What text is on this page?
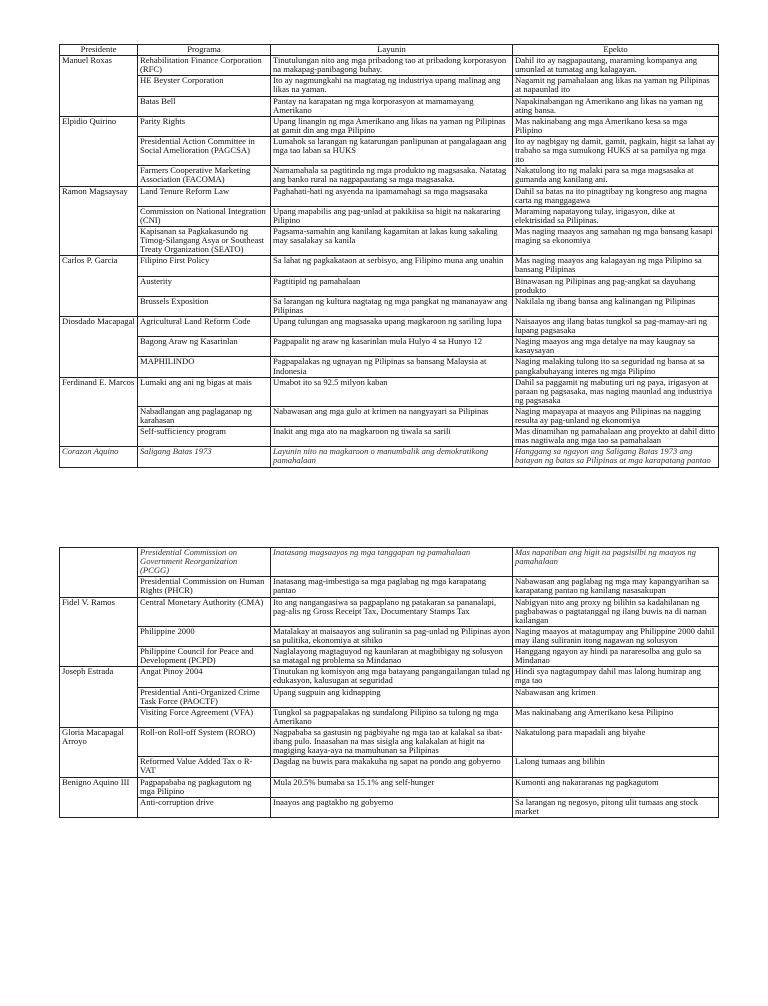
Presidente	Programa	Layunin	Epekto
Manuel Roxas	Rehabilitation Finance Corporation (RFC)	Tinutulungan nito ang mga pribadong tao at pribadong korporasyon na makapag-panibagong buhay.	Dahil ito ay nagpapautang, maraming kompanya ang umunlad at tumatag ang kalagayan.
	HE Beyster Corporation	Ito ay nagmungkahi na magtatag ng industriya upang malinag ang likas na yaman.	Nagamit ng pamahalaan ang likas na yaman ng Pilipinas at napaunlad ito
	Batas Bell	Pantay na karapatan ng mga korporasyon at mamamayang Amerikano	Napakinabangan ng Amerikano ang likas na yaman ng ating bansa.
Elpidio Quirino	Parity Rights	Upang linangin ng mga Amerikano ang likas na yaman ng Pilipinas at gamit din ang mga Pilipino	Mas nakinabang ang mga Amerikano kesa sa mga Pilipino
	Presidential Action Committee in Social Amelioration (PAGCSA)	Lumahok sa larangan ng katarungan panlipunan at pangalagaan ang mga tao laban sa HUKS	Ito ay nagbigay ng damit, gamit, pagkain, higit sa lahat ay trabaho sa mga sumukong HUKS at sa pamilya ng mga ito
	Farmers Cooperative Marketing Association (FACOMA)	Namamahala sa pagtitinda ng mga produkto ng magsasaka. Natatag ang banko rural na nagpapautang sa mga magsasaka.	Nakatulong ito ng malaki para sa mga magsasaka at gumanda ang kanilang ani.
Ramon Magsaysay	Land Tenure Reform Law	Paghahati-hati ng asyenda na ipamamahagi sa mga magsasaka	Dahil sa batas na ito pinagtibay ng kongreso ang magna carta ng manggagawa
	Commission on National Integration (CNI)	Upang mapabilis ang pag-unlad at pakikiisa sa higit na nakararing Pilipino	Maraming napatayong tulay, irigasyon, dike at elektrisidad sa Pilipinas.
	Kapisanan sa Pagkakasundo ng Timog-Silangang Asya or Southeast Treaty Organization (SEATO)	Pagsama-samahin ang kanilang kagamitan at lakas kung sakaling may sasalakay sa kanila	Mas naging maayos ang samahan ng mga bansang kasapi maging sa ekonomiya
Carlos P. Garcia	Filipino First Policy	Sa lahat ng pagkakataon at serbisyo, ang Filipino muna ang unahin	Mas naging maayos ang kalagayan ng mga Pilipino sa bansang Pilipinas
	Austerity	Pagtitipid ng pamahalaan	Binawasan ng Pilipinas ang pag-angkat sa dayuhang produkto
	Brussels Exposition	Sa larangan ng kultura nagtatag ng mga pangkat ng mananayaw ang Pilipinas	Nakilala ng ibang bansa ang kalinangan ng Pilipinas
Diosdado Macapagal	Agricultural Land Reform Code	Upang tulungan ang magsasaka upang magkaroon ng sariling lupa	Naisaayos ang ilang batas tungkol sa pag-mamay-ari ng lupang pagsasaka
	Bagong Araw ng Kasarinlan	Pagpapalit ng araw ng kasarinlan mula Hulyo 4 sa Hunyo 12	Naging maayos ang mga detalye na may kaugnay sa kasaysayan
	MAPHILINDO	Pagpapalakas ng ugnayan ng Pilipinas sa bansang Malaysia at Indonesia	Naging malaking tulong ito sa seguridad ng bansa at sa pangkabuhayang interes ng mga Pilipino
Ferdinand E. Marcos	Lumaki ang ani ng bigas at mais	Umabot ito sa 92.5 milyon kaban	Dahil sa paggamit ng mabuting uri ng paya, irigasyon at paraan ng pagsasaka, mas naging maunlad ang industriya ng pagsasaka
	Nabadlangan ang paglaganap ng karahasan	Nabawasan ang mga gulo at krimen na nangyayari sa Pilipinas	Naging mapayapa at maayos ang Pilipinas na nagging resulta ay pag-unland ng ekonomiya
	Self-sufficiency program	Inakit ang mga ato na magkaroon ng tiwala sa sarili	Mas dinamihan ng pamahalaan ang proyekto at dahil ditto mas nagtiwala ang mga tao sa pamahalaan
Corazon Aquino	Saligang Batas 1973	Layunin nito na magkaroon o manumbalik ang demokratikong pamahalaan	Hanggang sa ngayon ang Saligang Batas 1973 ang batayan ng batas sa Pilipinas at mga karapatang pantao
	Presidential Commission on Government Reorganization (PCGG)	Inatasang magsaayos ng mga tanggapan ng pamahalaan	Mas napatiban ang higit na pagsisilbi ng maayos ng pamahalaan
	Presidential Commission on Human Rights (PHCR)	Inatasang mag-imbestiga sa mga paglabag ng mga karapatang pantao	Nabawasan ang paglabag ng mga may kapangyarihan sa karapatang pantao ng kanilang nasasakupan
Fidel V. Ramos	Central Monetary Authority (CMA)	Ito ang nangangasiwa sa pagpaplano ng patakaran sa pananalapi, pag-alis ng Gross Receipt Tax, Documentary Stamps Tax	Nabigyan nito ang proxy ng bilihin sa kadahilanan ng pagbabawas o pagtatanggal ng ilang buwis na di naman kailangan
	Philippine 2000	Matalakay at maisaayos ang suliranin sa pag-unlad ng Pilipinas ayon sa pulitika, ekonomiya at sibiko	Naging maayos at matagumpay ang Philippine 2000 dahil may ilang suliranin itong nagawan ng solusyon
	Philippine Council for Peace and Development (PCPD)	Naglalayong magtaguyod ng kaunlaran at magbibigay ng solusyon sa matagal ng problema sa Mindanao	Hanggang ngayon ay hindi pa nararesolba ang gulo sa Mindanao
Joseph Estrada	Angat Pinoy 2004	Tinutukan ng komisyon ang mga batayang pangangailangan tulad ng edukasyon, kalusugan at seguridad	Hindi sya nagtagumpay dahil mas lalong humirap ang mga tao
	Presidential Anti-Organized Crime Task Force (PAOCTF)	Upang sugpuin ang kidnapping	Nabawasan ang krimen
	Visiting Force Agreement (VFA)	Tungkol sa pagpapalakas ng sundalong Pilipino sa tulong ng mga Amerikano	Mas nakinabang ang Amerikano kesa Pilipino
Gloria Macapagal Arroyo	Roll-on Roll-off System (RORO)	Nagpababa sa gastusin ng pagbiyahe ng mga tao at kalakal sa ibat-ibang pulo. Inaasahan na mas sisigla ang kalakalan at higit na magiging kaaya-aya na mamuhunan sa Pilipinas	Nakatulong para mapadali ang biyahe
	Reformed Value Added Tax o R-VAT	Dagdag na buwis para makakuha ng sapat na pondo ang gobyerno	Lalong tumaas ang bilihin
Benigno Aquino III	Pagpapababa ng pagkagutom ng mga Pilipino	Mula 20.5% bumaba sa 15.1% ang self-hunger	Kumonti ang nakararanas ng pagkagutom
	Anti-corruption drive	Inaayos ang pagtakbo ng gobyerno	Sa larangan ng negosyo, pitong ulit tumaas ang stock market
